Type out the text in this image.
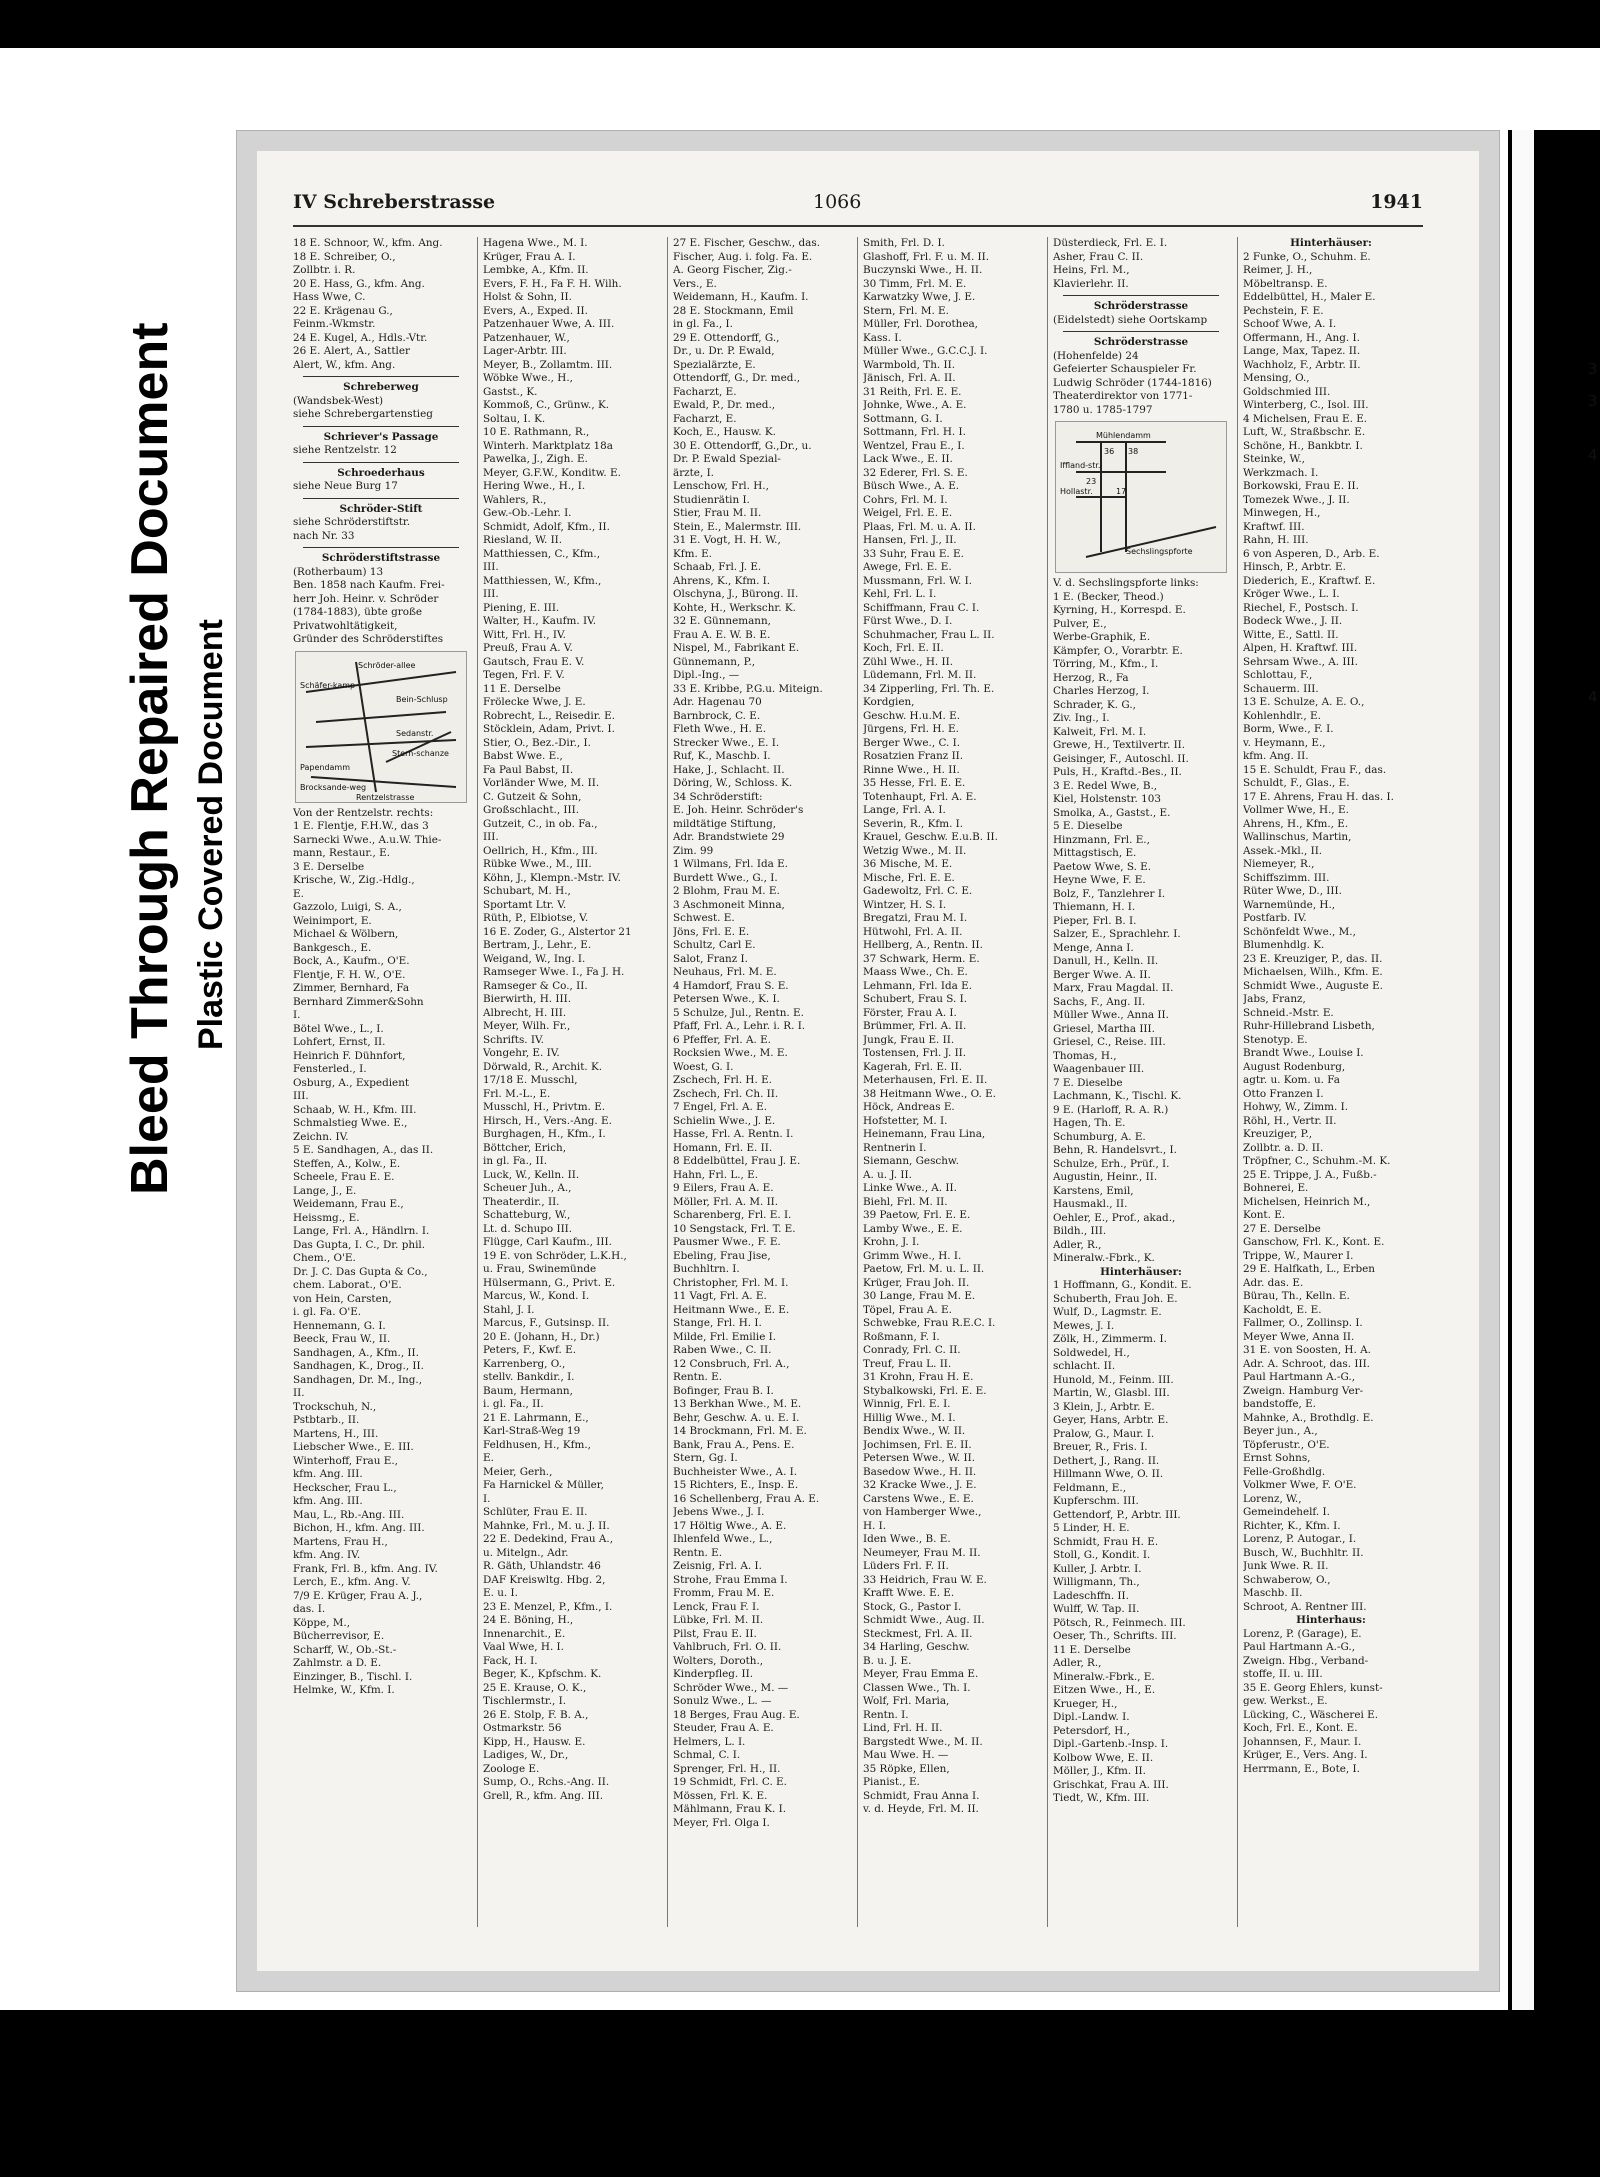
Bleed Through Repaired Document Plastic Covered Document
IV Schreberstrasse	1066	1941
18 E. Schnoor, W., kfm. Ang.
18 E. Schreiber, O.,
Zollbtr. i. R.
20 E. Hass, G., kfm. Ang.
Hass Wwe, C.
22 E. Krägenau G.,
Feinm.-Wkmstr.
24 E. Kugel, A., Hdls.-Vtr.
26 E. Alert, A., Sattler
Alert, W., kfm. Ang.
Schreberweg
(Wandsbek-West)
siehe Schrebergartenstieg
Schriever's Passage
siehe Rentzelstr. 12
Schroederhaus
siehe Neue Burg 17
Schröder-Stift
siehe Schröderstiftstr.
nach Nr. 33
Schröderstiftstrasse
(Rotherbaum) 13
Ben. 1858 nach Kaufm. Frei-
herr Joh. Heinr. v. Schröder
(1784-1883), übte große
Privatwohltätigkeit,
Gründer des Schröderstiftes
Schäfer-kamp
Schröder-allee
Bein-Schlusp
Sedanstr.
Papendamm
Stern-schanze
Brocksande-weg
Rentzelstrasse
Von der Rentzelstr. rechts:
1 E. Flentje, F.H.W., das 3
Sarnecki Wwe., A.u.W. Thie-
mann, Restaur., E.
3 E. Derselbe
Krische, W., Zig.-Hdlg.,
E.
Gazzolo, Luigi, S. A.,
Weinimport, E.
Michael & Wölbern,
Bankgesch., E.
Bock, A., Kaufm., O'E.
Flentje, F. H. W., O'E.
Zimmer, Bernhard, Fa
Bernhard Zimmer&Sohn
I.
Bötel Wwe., L., I.
Lohfert, Ernst, II.
Heinrich F. Dühnfort,
Fensterled., I.
Osburg, A., Expedient
III.
Schaab, W. H., Kfm. III.
Schmalstieg Wwe. E.,
Zeichn. IV.
5 E. Sandhagen, A., das II.
Steffen, A., Kolw., E.
Scheele, Frau E. E.
Lange, J., E.
Weidemann, Frau E.,
Heissmg., E.
Lange, Frl. A., Händlrn. I.
Das Gupta, I. C., Dr. phil.
Chem., O'E.
Dr. J. C. Das Gupta & Co.,
chem. Laborat., O'E.
von Hein, Carsten,
i. gl. Fa. O'E.
Hennemann, G. I.
Beeck, Frau W., II.
Sandhagen, A., Kfm., II.
Sandhagen, K., Drog., II.
Sandhagen, Dr. M., Ing.,
II.
Trockschuh, N.,
Pstbtarb., II.
Martens, H., III.
Liebscher Wwe., E. III.
Winterhoff, Frau E.,
kfm. Ang. III.
Heckscher, Frau L.,
kfm. Ang. III.
Mau, L., Rb.-Ang. III.
Bichon, H., kfm. Ang. III.
Martens, Frau H.,
kfm. Ang. IV.
Frank, Frl. B., kfm. Ang. IV.
Lerch, E., kfm. Ang. V.
7/9 E. Krüger, Frau A. J.,
das. I.
Köppe, M.,
Bücherrevisor, E.
Scharff, W., Ob.-St.-
Zahlmstr. a D. E.
Einzinger, B., Tischl. I.
Helmke, W., Kfm. I.
Hagena Wwe., M. I.
Krüger, Frau A. I.
Lembke, A., Kfm. II.
Evers, F. H., Fa F. H. Wilh.
Holst & Sohn, II.
Evers, A., Exped. II.
Patzenhauer Wwe, A. III.
Patzenhauer, W.,
Lager-Arbtr. III.
Meyer, B., Zollamtm. III.
Wöbke Wwe., H.,
Gastst., K.
Kommoß, C., Grünw., K.
Soltau, I. K.
10 E. Rathmann, R.,
Winterh. Marktplatz 18a
Pawelka, J., Zigh. E.
Meyer, G.F.W., Konditw. E.
Hering Wwe., H., I.
Wahlers, R.,
Gew.-Ob.-Lehr. I.
Schmidt, Adolf, Kfm., II.
Riesland, W. II.
Matthiessen, C., Kfm.,
III.
Matthiessen, W., Kfm.,
III.
Piening, E. III.
Walter, H., Kaufm. IV.
Witt, Frl. H., IV.
Preuß, Frau A. V.
Gautsch, Frau E. V.
Tegen, Frl. F. V.
11 E. Derselbe
Frölecke Wwe, J. E.
Robrecht, L., Reisedir. E.
Stöcklein, Adam, Privt. I.
Stier, O., Bez.-Dir., I.
Babst Wwe. E.,
Fa Paul Babst, II.
Vorländer Wwe, M. II.
C. Gutzeit & Sohn,
Großschlacht., III.
Gutzeit, C., in ob. Fa.,
III.
Oellrich, H., Kfm., III.
Rübke Wwe., M., III.
Köhn, J., Klempn.-Mstr. IV.
Schubart, M. H.,
Sportamt Ltr. V.
Rüth, P., Elbiotse, V.
16 E. Zoder, G., Alstertor 21
Bertram, J., Lehr., E.
Weigand, W., Ing. I.
Ramseger Wwe. I., Fa J. H.
Ramseger & Co., II.
Bierwirth, H. III.
Albrecht, H. III.
Meyer, Wilh. Fr.,
Schrifts. IV.
Vongehr, E. IV.
Dörwald, R., Archit. K.
17/18 E. Musschl,
Frl. M.-L., E.
Musschl, H., Privtm. E.
Hirsch, H., Vers.-Ang. E.
Burghagen, H., Kfm., I.
Böttcher, Erich,
in gl. Fa., II.
Luck, W., Kelln. II.
Scheuer Juh., A.,
Theaterdir., II.
Schatteburg, W.,
Lt. d. Schupo III.
Flügge, Carl Kaufm., III.
19 E. von Schröder, L.K.H.,
u. Frau, Swinemünde
Hülsermann, G., Privt. E.
Marcus, W., Kond. I.
Stahl, J. I.
Marcus, F., Gutsinsp. II.
20 E. (Johann, H., Dr.)
Peters, F., Kwf. E.
Karrenberg, O.,
stellv. Bankdir., I.
Baum, Hermann,
i. gl. Fa., II.
21 E. Lahrmann, E.,
Karl-Straß-Weg 19
Feldhusen, H., Kfm.,
E.
Meier, Gerh.,
Fa Harnickel & Müller,
I.
Schlüter, Frau E. II.
Mahnke, Frl., M. u. J. II.
22 E. Dedekind, Frau A.,
u. Mitelgn., Adr.
R. Gäth, Uhlandstr. 46
DAF Kreiswltg. Hbg. 2,
E. u. I.
23 E. Menzel, P., Kfm., I.
24 E. Böning, H.,
Innenarchit., E.
Vaal Wwe, H. I.
Fack, H. I.
Beger, K., Kpfschm. K.
25 E. Krause, O. K.,
Tischlermstr., I.
26 E. Stolp, F. B. A.,
Ostmarkstr. 56
Kipp, H., Hausw. E.
Ladiges, W., Dr.,
Zoologe E.
Sump, O., Rchs.-Ang. II.
Grell, R., kfm. Ang. III.
27 E. Fischer, Geschw., das.
Fischer, Aug. i. folg. Fa. E.
A. Georg Fischer, Zig.-
Vers., E.
Weidemann, H., Kaufm. I.
28 E. Stockmann, Emil
in gl. Fa., I.
29 E. Ottendorff, G.,
Dr., u. Dr. P. Ewald,
Spezialärzte, E.
Ottendorff, G., Dr. med.,
Facharzt, E.
Ewald, P., Dr. med.,
Facharzt, E.
Koch, E., Hausw. K.
30 E. Ottendorff, G.,Dr., u.
Dr. P. Ewald Spezial-
ärzte, I.
Lenschow, Frl. H.,
Studienrätin I.
Stier, Frau M. II.
Stein, E., Malermstr. III.
31 E. Vogt, H. H. W.,
Kfm. E.
Schaab, Frl. J. E.
Ahrens, K., Kfm. I.
Olschyna, J., Bürong. II.
Kohte, H., Werkschr. K.
32 E. Günnemann,
Frau A. E. W. B. E.
Nispel, M., Fabrikant E.
Günnemann, P.,
Dipl.-Ing., —
33 E. Kribbe, P.G.u. Miteign.
Adr. Hagenau 70
Barnbrock, C. E.
Fleth Wwe., H. E.
Strecker Wwe., E. I.
Ruf, K., Maschb. I.
Hake, J., Schlacht. II.
Döring, W., Schloss. K.
34 Schröderstift:
E. Joh. Heinr. Schröder's
mildtätige Stiftung,
Adr. Brandstwiete 29
Zim. 99
1 Wilmans, Frl. Ida E.
Burdett Wwe., G., I.
2 Blohm, Frau M. E.
3 Aschmoneit Minna,
Schwest. E.
Jöns, Frl. E. E.
Schultz, Carl E.
Salot, Franz I.
Neuhaus, Frl. M. E.
4 Hamdorf, Frau S. E.
Petersen Wwe., K. I.
5 Schulze, Jul., Rentn. E.
Pfaff, Frl. A., Lehr. i. R. I.
6 Pfeffer, Frl. A. E.
Rocksien Wwe., M. E.
Woest, G. I.
Zschech, Frl. H. E.
Zschech, Frl. Ch. II.
7 Engel, Frl. A. E.
Schielin Wwe., J. E.
Hasse, Frl. A. Rentn. I.
Homann, Frl. E. II.
8 Eddelbüttel, Frau J. E.
Hahn, Frl. L., E.
9 Eilers, Frau A. E.
Möller, Frl. A. M. II.
Scharenberg, Frl. E. I.
10 Sengstack, Frl. T. E.
Pausmer Wwe., F. E.
Ebeling, Frau Jise,
Buchhltrn. I.
Christopher, Frl. M. I.
11 Vagt, Frl. A. E.
Heitmann Wwe., E. E.
Stange, Frl. H. I.
Milde, Frl. Emilie I.
Raben Wwe., C. II.
12 Consbruch, Frl. A.,
Rentn. E.
Bofinger, Frau B. I.
13 Berkhan Wwe., M. E.
Behr, Geschw. A. u. E. I.
14 Brockmann, Frl. M. E.
Bank, Frau A., Pens. E.
Stern, Gg. I.
Buchheister Wwe., A. I.
15 Richters, E., Insp. E.
16 Schellenberg, Frau A. E.
Jebens Wwe., J. I.
17 Höltig Wwe., A. E.
Ihlenfeld Wwe., L.,
Rentn. E.
Zeisnig, Frl. A. I.
Strohe, Frau Emma I.
Fromm, Frau M. E.
Lenck, Frau F. I.
Lübke, Frl. M. II.
Pilst, Frau E. II.
Vahlbruch, Frl. O. II.
Wolters, Doroth.,
Kinderpfleg. II.
Schröder Wwe., M. —
Sonulz Wwe., L. —
18 Berges, Frau Aug. E.
Steuder, Frau A. E.
Helmers, L. I.
Schmal, C. I.
Sprenger, Frl. H., II.
19 Schmidt, Frl. C. E.
Mössen, Frl. K. E.
Mählmann, Frau K. I.
Meyer, Frl. Olga I.
Smith, Frl. D. I.
Glashoff, Frl. F. u. M. II.
Buczynski Wwe., H. II.
30 Timm, Frl. M. E.
Karwatzky Wwe, J. E.
Stern, Frl. M. E.
Müller, Frl. Dorothea,
Kass. I.
Müller Wwe., G.C.C.J. I.
Warmbold, Th. II.
Jänisch, Frl. A. II.
31 Reith, Frl. E. E.
Johnke, Wwe., A. E.
Sottmann, G. I.
Sottmann, Frl. H. I.
Wentzel, Frau E., I.
Lack Wwe., E. II.
32 Ederer, Frl. S. E.
Büsch Wwe., A. E.
Cohrs, Frl. M. I.
Weigel, Frl. E. E.
Plaas, Frl. M. u. A. II.
Hansen, Frl. J., II.
33 Suhr, Frau E. E.
Awege, Frl. E. E.
Mussmann, Frl. W. I.
Kehl, Frl. L. I.
Schiffmann, Frau C. I.
Fürst Wwe., D. I.
Schuhmacher, Frau L. II.
Koch, Frl. E. II.
Zühl Wwe., H. II.
Lüdemann, Frl. M. II.
34 Zipperling, Frl. Th. E.
Kordgien,
Geschw. H.u.M. E.
Jürgens, Frl. H. E.
Berger Wwe., C. I.
Rosatzien Franz II.
Rinne Wwe., H. II.
35 Hesse, Frl. E. E.
Totenhaupt, Frl. A. E.
Lange, Frl. A. I.
Severin, R., Kfm. I.
Krauel, Geschw. E.u.B. II.
Wetzig Wwe., M. II.
36 Mische, M. E.
Mische, Frl. E. E.
Gadewoltz, Frl. C. E.
Wintzer, H. S. I.
Bregatzi, Frau M. I.
Hütwohl, Frl. A. II.
Hellberg, A., Rentn. II.
37 Schwark, Herm. E.
Maass Wwe., Ch. E.
Lehmann, Frl. Ida E.
Schubert, Frau S. I.
Förster, Frau A. I.
Brümmer, Frl. A. II.
Jungk, Frau E. II.
Tostensen, Frl. J. II.
Kagerah, Frl. E. II.
Meterhausen, Frl. E. II.
38 Heitmann Wwe., O. E.
Höck, Andreas E.
Hofstetter, M. I.
Heinemann, Frau Lina,
Rentnerin I.
Siemann, Geschw.
A. u. J. II.
Linke Wwe., A. II.
Biehl, Frl. M. II.
39 Paetow, Frl. E. E.
Lamby Wwe., E. E.
Krohn, J. I.
Grimm Wwe., H. I.
Paetow, Frl. M. u. L. II.
Krüger, Frau Joh. II.
30 Lange, Frau M. E.
Töpel, Frau A. E.
Schwebke, Frau R.E.C. I.
Roßmann, F. I.
Conrady, Frl. C. II.
Treuf, Frau L. II.
31 Krohn, Frau H. E.
Stybalkowski, Frl. E. E.
Winnig, Frl. E. I.
Hillig Wwe., M. I.
Bendix Wwe., W. II.
Jochimsen, Frl. E. II.
Petersen Wwe., W. II.
Basedow Wwe., H. II.
32 Kracke Wwe., J. E.
Carstens Wwe., E. E.
von Hamberger Wwe.,
H. I.
Iden Wwe., B. E.
Neumeyer, Frau M. II.
Lüders Frl. F. II.
33 Heidrich, Frau W. E.
Krafft Wwe. E. E.
Stock, G., Pastor I.
Schmidt Wwe., Aug. II.
Steckmest, Frl. A. II.
34 Harling, Geschw.
B. u. J. E.
Meyer, Frau Emma E.
Classen Wwe., Th. I.
Wolf, Frl. Maria,
Rentn. I.
Lind, Frl. H. II.
Bargstedt Wwe., M. II.
Mau Wwe. H. —
35 Röpke, Ellen,
Pianist., E.
Schmidt, Frau Anna I.
v. d. Heyde, Frl. M. II.
Düsterdieck, Frl. E. I.
Asher, Frau C. II.
Heins, Frl. M.,
Klavierlehr. II.
Schröderstrasse
(Eidelstedt) siehe Oortskamp
Schröderstrasse
(Hohenfelde) 24
Gefeierter Schauspieler Fr.
Ludwig Schröder (1744-1816)
Theaterdirektor von 1771-
1780 u. 1785-1797
Mühlendamm
Iffland-str.
Hollastr.
Sechslingspforte
36 38
23
17
V. d. Sechslingspforte links:
1 E. (Becker, Theod.)
Kyrning, H., Korrespd. E.
Pulver, E.,
Werbe-Graphik, E.
Kämpfer, O., Vorarbtr. E.
Törring, M., Kfm., I.
Herzog, R., Fa
Charles Herzog, I.
Schrader, K. G.,
Ziv. Ing., I.
Kalweit, Frl. M. I.
Grewe, H., Textilvertr. II.
Geisinger, F., Autoschl. II.
Puls, H., Kraftd.-Bes., II.
3 E. Redel Wwe, B.,
Kiel, Holstenstr. 103
Smolka, A., Gastst., E.
5 E. Dieselbe
Hinzmann, Frl. E.,
Mittagstisch, E.
Paetow Wwe, S. E.
Heyne Wwe, F. E.
Bolz, F., Tanzlehrer I.
Thiemann, H. I.
Pieper, Frl. B. I.
Salzer, E., Sprachlehr. I.
Menge, Anna I.
Danull, H., Kelln. II.
Berger Wwe. A. II.
Marx, Frau Magdal. II.
Sachs, F., Ang. II.
Müller Wwe., Anna II.
Griesel, Martha III.
Griesel, C., Reise. III.
Thomas, H.,
Waagenbauer III.
7 E. Dieselbe
Lachmann, K., Tischl. K.
9 E. (Harloff, R. A. R.)
Hagen, Th. E.
Schumburg, A. E.
Behn, R. Handelsvrt., I.
Schulze, Erh., Prüf., I.
Augustin, Heinr., II.
Karstens, Emil,
Hausmakl., II.
Oehler, E., Prof., akad.,
Bildh., III.
Adler, R.,
Mineralw.-Fbrk., K.
Hinterhäuser:
1 Hoffmann, G., Kondit. E.
Schuberth, Frau Joh. E.
Wulf, D., Lagmstr. E.
Mewes, J. I.
Zölk, H., Zimmerm. I.
Soldwedel, H.,
schlacht. II.
Hunold, M., Feinm. III.
Martin, W., Glasbl. III.
3 Klein, J., Arbtr. E.
Geyer, Hans, Arbtr. E.
Pralow, G., Maur. I.
Breuer, R., Fris. I.
Dethert, J., Rang. II.
Hillmann Wwe, O. II.
Feldmann, E.,
Kupferschm. III.
Gettendorf, P., Arbtr. III.
5 Linder, H. E.
Schmidt, Frau H. E.
Stoll, G., Kondit. I.
Kuller, J. Arbtr. I.
Willigmann, Th.,
Ladeschffn. II.
Wulff, W. Tap. II.
Pötsch, R., Feinmech. III.
Oeser, Th., Schrifts. III.
11 E. Derselbe
Adler, R.,
Mineralw.-Fbrk., E.
Eitzen Wwe., H., E.
Krueger, H.,
Dipl.-Landw. I.
Petersdorf, H.,
Dipl.-Gartenb.-Insp. I.
Kolbow Wwe, E. II.
Möller, J., Kfm. II.
Grischkat, Frau A. III.
Tiedt, W., Kfm. III.
Hinterhäuser:
2 Funke, O., Schuhm. E.
Reimer, J. H.,
Möbeltransp. E.
Eddelbüttel, H., Maler E.
Pechstein, F. E.
Schoof Wwe, A. I.
Offermann, H., Ang. I.
Lange, Max, Tapez. II.
Wachholz, F., Arbtr. II.
Mensing, O.,
Goldschmied III.
Winterberg, C., Isol. III.
4 Michelsen, Frau E. E.
Luft, W., Straßbschr. E.
Schöne, H., Bankbtr. I.
Steinke, W.,
Werkzmach. I.
Borkowski, Frau E. II.
Tomezek Wwe., J. II.
Minwegen, H.,
Kraftwf. III.
Rahn, H. III.
6 von Asperen, D., Arb. E.
Hinsch, P., Arbtr. E.
Diederich, E., Kraftwf. E.
Kröger Wwe., L. I.
Riechel, F., Postsch. I.
Bodeck Wwe., J. II.
Witte, E., Sattl. II.
Alpen, H. Kraftwf. III.
Sehrsam Wwe., A. III.
Schlottau, F.,
Schauerm. III.
13 E. Schulze, A. E. O.,
Kohlenhdlr., E.
Borm, Wwe., F. I.
v. Heymann, E.,
kfm. Ang. II.
15 E. Schuldt, Frau F., das.
Schuldt, F., Glas., E.
17 E. Ahrens, Frau H. das. I.
Vollmer Wwe, H., E.
Ahrens, H., Kfm., E.
Wallinschus, Martin,
Assek.-Mkl., II.
Niemeyer, R.,
Schiffszimm. III.
Rüter Wwe, D., III.
Warnemünde, H.,
Postfarb. IV.
Schönfeldt Wwe., M.,
Blumenhdlg. K.
23 E. Kreuziger, P., das. II.
Michaelsen, Wilh., Kfm. E.
Schmidt Wwe., Auguste E.
Jabs, Franz,
Schneid.-Mstr. E.
Ruhr-Hillebrand Lisbeth,
Stenotyp. E.
Brandt Wwe., Louise I.
August Rodenburg,
agtr. u. Kom. u. Fa
Otto Franzen I.
Hohwy, W., Zimm. I.
Röhl, H., Vertr. II.
Kreuziger, P.,
Zollbtr. a. D. II.
Tröpfner, C., Schuhm.-M. K.
25 E. Trippe, J. A., Fußb.-
Bohnerei, E.
Michelsen, Heinrich M.,
Kont. E.
27 E. Derselbe
Ganschow, Frl. K., Kont. E.
Trippe, W., Maurer I.
29 E. Halfkath, L., Erben
Adr. das. E.
Bürau, Th., Kelln. E.
Kacholdt, E. E.
Fallmer, O., Zollinsp. I.
Meyer Wwe, Anna II.
31 E. von Soosten, H. A.
Adr. A. Schroot, das. III.
Paul Hartmann A.-G.,
Zweign. Hamburg Ver-
bandstoffe, E.
Mahnke, A., Brothdlg. E.
Beyer jun., A.,
Töpferustr., O'E.
Ernst Sohns,
Felle-Großhdlg.
Volkmer Wwe, F. O'E.
Lorenz, W.,
Gemeindehelf. I.
Richter, K., Kfm. I.
Lorenz, P. Autogar., I.
Busch, W., Buchhltr. II.
Junk Wwe. R. II.
Schwaberow, O.,
Maschb. II.
Schroot, A. Rentner III.
Hinterhaus:
Lorenz, P. (Garage), E.
Paul Hartmann A.-G.,
Zweign. Hbg., Verband-
stoffe, II. u. III.
35 E. Georg Ehlers, kunst-
gew. Werkst., E.
Lücking, C., Wäscherei E.
Koch, Frl. E., Kont. E.
Johannsen, F., Maur. I.
Krüger, E., Vers. Ang. I.
Herrmann, E., Bote, I.
3
3
4
4
